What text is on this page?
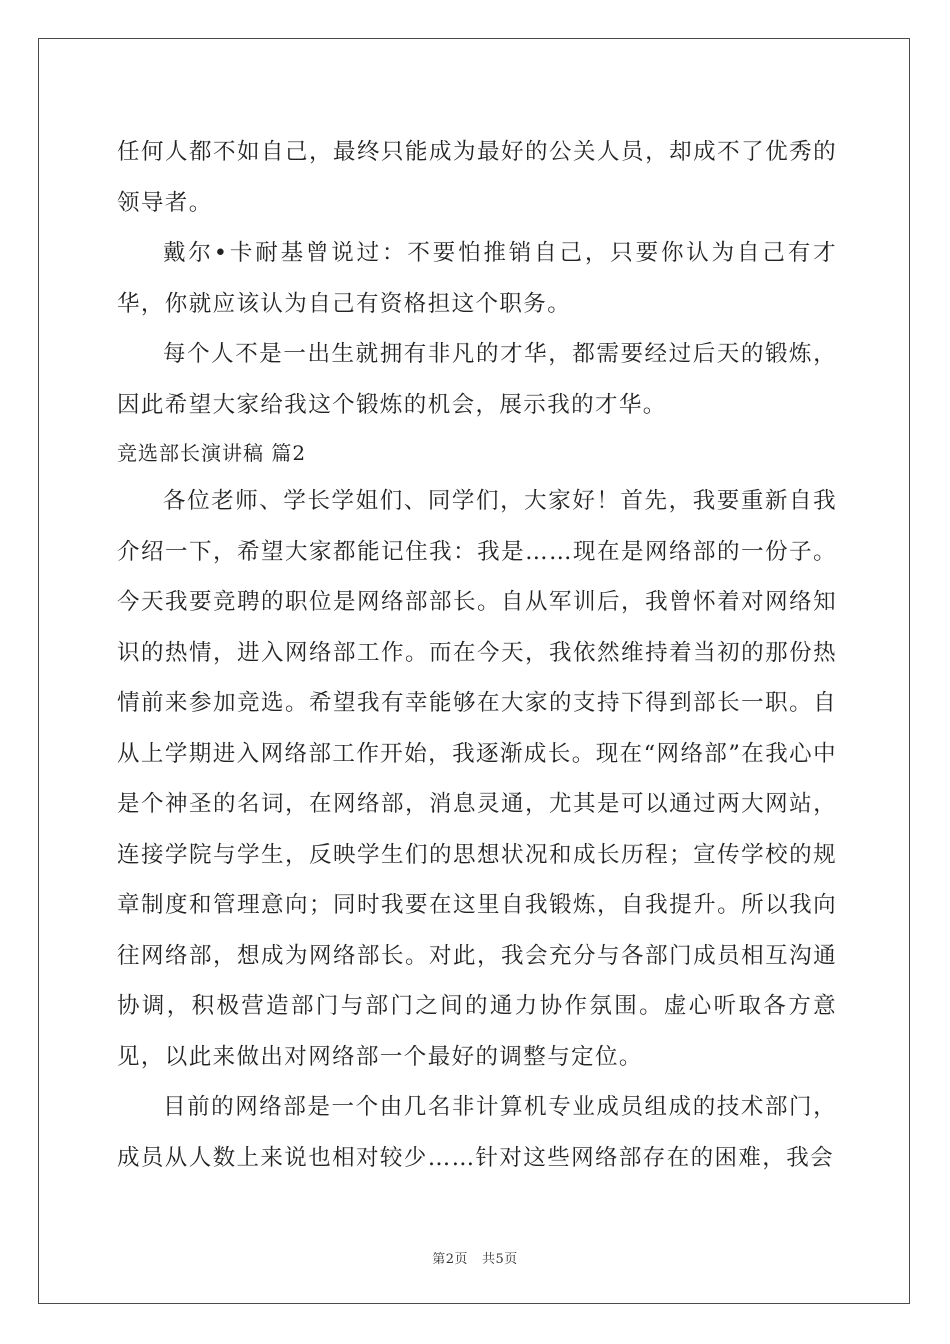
任何人都不如自己，最终只能成为最好的公关人员，却成不了优秀的领导者。

戴尔•卡耐基曾说过：不要怕推销自己，只要你认为自己有才华，你就应该认为自己有资格担这个职务。

每个人不是一出生就拥有非凡的才华，都需要经过后天的锻炼，因此希望大家给我这个锻炼的机会，展示我的才华。

竞选部长演讲稿 篇2

各位老师、学长学姐们、同学们，大家好！首先，我要重新自我介绍一下，希望大家都能记住我：我是……现在是网络部的一份子。今天我要竞聘的职位是网络部部长。自从军训后，我曾怀着对网络知识的热情，进入网络部工作。而在今天，我依然维持着当初的那份热情前来参加竞选。希望我有幸能够在大家的支持下得到部长一职。自从上学期进入网络部工作开始，我逐渐成长。现在“网络部”在我心中是个神圣的名词，在网络部，消息灵通，尤其是可以通过两大网站，连接学院与学生，反映学生们的思想状况和成长历程；宣传学校的规章制度和管理意向；同时我要在这里自我锻炼，自我提升。所以我向往网络部，想成为网络部长。对此，我会充分与各部门成员相互沟通协调，积极营造部门与部门之间的通力协作氛围。虚心听取各方意见，以此来做出对网络部一个最好的调整与定位。

目前的网络部是一个由几名非计算机专业成员组成的技术部门，成员从人数上来说也相对较少……针对这些网络部存在的困难，我会

第2页 共5页
